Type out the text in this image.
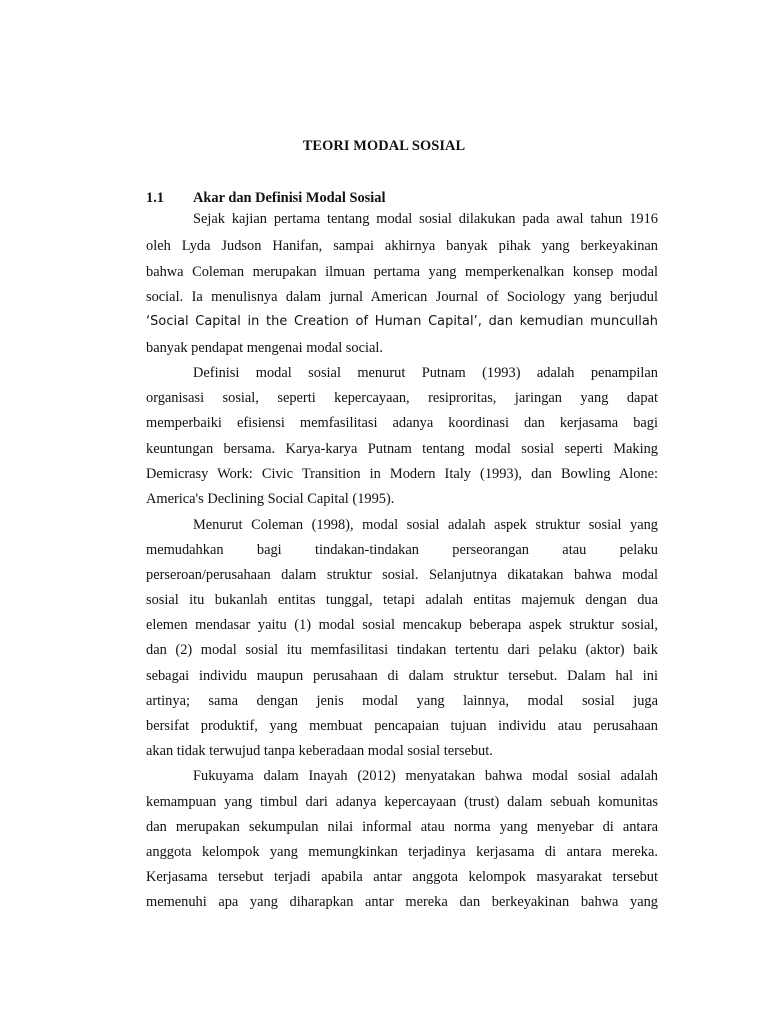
TEORI MODAL SOSIAL
1.1 Akar dan Definisi Modal Sosial
Sejak kajian pertama tentang modal sosial dilakukan pada awal tahun 1916
oleh Lyda Judson Hanifan, sampai akhirnya banyak pihak yang berkeyakinan
bahwa Coleman merupakan ilmuan pertama yang memperkenalkan konsep modal
social. Ia menulisnya dalam jurnal American Journal of Sociology yang berjudul
‘Social Capital in the Creation of Human Capital’, dan kemudian muncullah
banyak pendapat mengenai modal social.
Definisi modal sosial menurut Putnam (1993) adalah penampilan
organisasi sosial, seperti kepercayaan, resiproritas, jaringan yang dapat
memperbaiki efisiensi memfasilitasi adanya koordinasi dan kerjasama bagi
keuntungan bersama. Karya-karya Putnam tentang modal sosial seperti Making
Demicrasy Work: Civic Transition in Modern Italy (1993), dan Bowling Alone:
America's Declining Social Capital (1995).
Menurut Coleman (1998), modal sosial adalah aspek struktur sosial yang
memudahkan bagi tindakan-tindakan perseorangan atau pelaku
perseroan/perusahaan dalam struktur sosial. Selanjutnya dikatakan bahwa modal
sosial itu bukanlah entitas tunggal, tetapi adalah entitas majemuk dengan dua
elemen mendasar yaitu (1) modal sosial mencakup beberapa aspek struktur sosial,
dan (2) modal sosial itu memfasilitasi tindakan tertentu dari pelaku (aktor) baik
sebagai individu maupun perusahaan di dalam struktur tersebut. Dalam hal ini
artinya; sama dengan jenis modal yang lainnya, modal sosial juga
bersifat produktif, yang membuat pencapaian tujuan individu atau perusahaan
akan tidak terwujud tanpa keberadaan modal sosial tersebut.
Fukuyama dalam Inayah (2012) menyatakan bahwa modal sosial adalah
kemampuan yang timbul dari adanya kepercayaan (trust) dalam sebuah komunitas
dan merupakan sekumpulan nilai informal atau norma yang menyebar di antara
anggota kelompok yang memungkinkan terjadinya kerjasama di antara mereka.
Kerjasama tersebut terjadi apabila antar anggota kelompok masyarakat tersebut
memenuhi apa yang diharapkan antar mereka dan berkeyakinan bahwa yang
